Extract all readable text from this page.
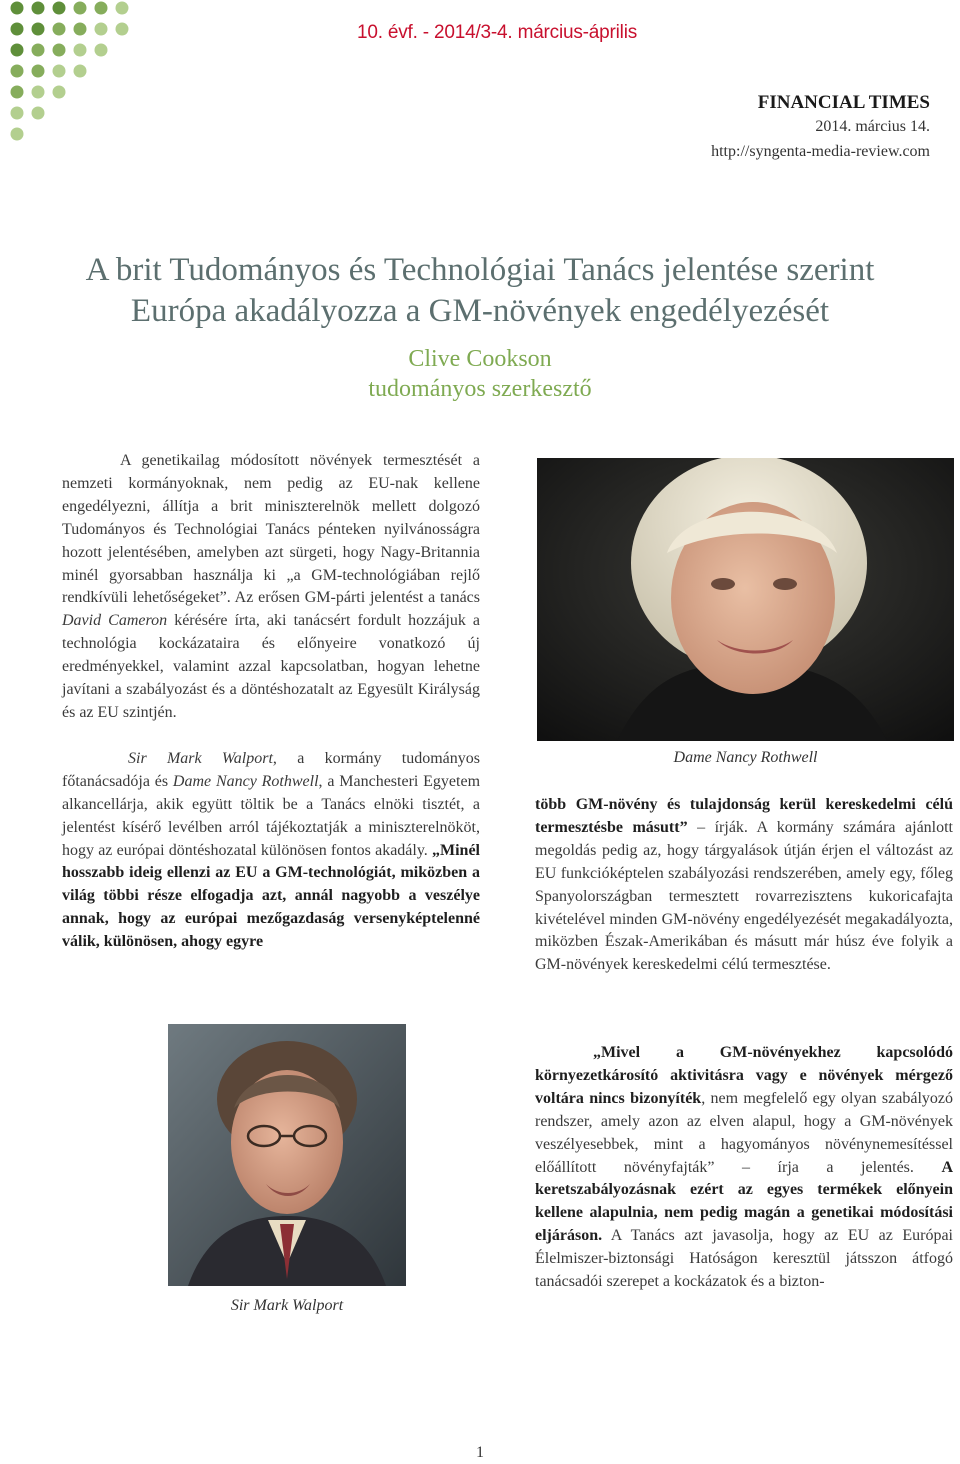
10. évf. - 2014/3-4. március-április
FINANCIAL TIMES
2014. március 14.
http://syngenta-media-review.com
A brit Tudományos és Technológiai Tanács jelentése szerint
Európa akadályozza a GM-növények engedélyezését
Clive Cookson
tudományos szerkesztő

A genetikailag módosított növények termesztését a nemzeti kormányoknak, nem pedig az EU-nak kellene engedélyezni, állítja a brit miniszterelnök mellett dolgozó Tudományos és Technológiai Tanács pénteken nyilvánosságra hozott jelentésében, amelyben azt sürgeti, hogy Nagy-Britannia minél gyorsabban használja ki „a GM-technológiában rejlő rendkívüli lehetőségeket”. Az erősen GM-párti jelentést a tanács David Cameron kérésére írta, aki tanácsért fordult hozzájuk a technológia kockázataira és előnyeire vonatkozó új eredményekkel, valamint azzal kapcsolatban, hogyan lehetne javítani a szabályozást és a döntéshozatalt az Egyesült Királyság és az EU szintjén.

Sir Mark Walport, a kormány tudományos főtanácsadója és Dame Nancy Rothwell, a Manchesteri Egyetem alkancellárja, akik együtt töltik be a Tanács elnöki tisztét, a jelentést kísérő levélben arról tájékoztatják a miniszterelnököt, hogy az európai döntéshozatal különösen fontos akadály. „Minél hosszabb ideig ellenzi az EU a GM-technológiát, miközben a világ többi része elfogadja azt, annál nagyobb a veszélye annak, hogy az európai mezőgazdaság versenyképtelenné válik, különösen, ahogy egyre

Dame Nancy Rothwell

több GM-növény és tulajdonság kerül kereskedelmi célú termesztésbe másutt” – írják. A kormány számára ajánlott megoldás pedig az, hogy tárgyalások útján érjen el változást az EU funkcióképtelen szabályozási rendszerében, amely egy, főleg Spanyolországban termesztett rovarrezisztens kukoricafajta kivételével minden GM-növény engedélyezését megakadályozta, miközben Észak-Amerikában és másutt már húsz éve folyik a GM-növények kereskedelmi célú termesztése.

„Mivel a GM-növényekhez kapcsolódó környezetkárosító aktivitásra vagy e növények mérgező voltára nincs bizonyíték, nem megfelelő egy olyan szabályozó rendszer, amely azon az elven alapul, hogy a GM-növények veszélyesebbek, mint a hagyományos növénynemesítéssel előállított növényfajták” – írja a jelentés. A keretszabályozásnak ezért az egyes termékek előnyein kellene alapulnia, nem pedig magán a genetikai módosítási eljáráson. A Tanács azt javasolja, hogy az EU az Európai Élelmiszer-biztonsági Hatóságon keresztül játsszon átfogó tanácsadói szerepet a kockázatok és a bizton-

Sir Mark Walport
1
